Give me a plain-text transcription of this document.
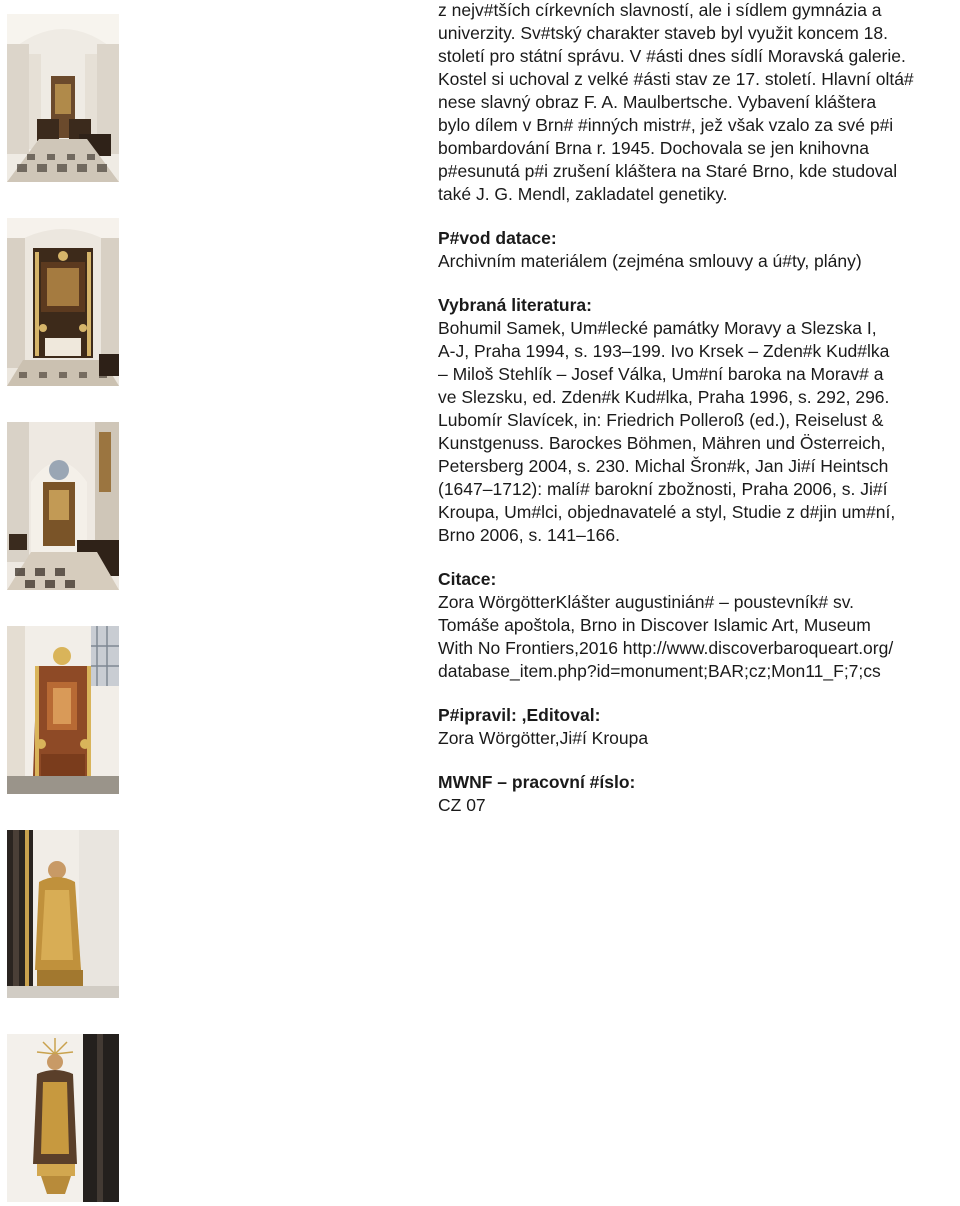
z nejv#tších církevních slavností, ale i sídlem gymnázia a

univerzity. Sv#tský charakter staveb byl využit koncem 18.

století pro státní správu. V #ásti dnes sídlí Moravská galerie.

Kostel si uchoval z velké #ásti stav ze 17. století. Hlavní oltá#

nese slavný obraz F. A. Maulbertsche. Vybavení kláštera

bylo dílem v Brn# #inných mistr#, jež však vzalo za své p#i

bombardování Brna r. 1945. Dochovala se jen knihovna

p#esunutá p#i zrušení kláštera na Staré Brno, kde studoval

také J. G. Mendl, zakladatel genetiky.

P#vod datace:

Archivním materiálem (zejména smlouvy a ú#ty, plány)

Vybraná literatura:

Bohumil Samek, Um#lecké památky Moravy a Slezska I,

A-J, Praha 1994, s. 193–199. Ivo Krsek – Zden#k Kud#lka

– Miloš Stehlík – Josef Válka, Um#ní baroka na Morav# a

ve Slezsku, ed. Zden#k Kud#lka, Praha 1996, s. 292, 296.

Lubomír Slavícek, in: Friedrich Polleroß (ed.), Reiselust &

Kunstgenuss. Barockes Böhmen, Mähren und Österreich,

Petersberg 2004, s. 230. Michal Šron#k, Jan Ji#í Heintsch

(1647–1712): malí# barokní zbožnosti, Praha 2006, s. Ji#í

Kroupa, Um#lci, objednavatelé a styl, Studie z d#jin um#ní,

Brno 2006, s. 141–166.

Citace:

Zora WörgötterKlášter augustinián# – poustevník# sv.

Tomáše apoštola, Brno in Discover Islamic Art, Museum

With No Frontiers,2016 http://www.discoverbaroqueart.org/

database_item.php?id=monument;BAR;cz;Mon11_F;7;cs

P#ipravil: ,Editoval:

Zora Wörgötter,Ji#í Kroupa

MWNF – pracovní #íslo:

CZ 07
